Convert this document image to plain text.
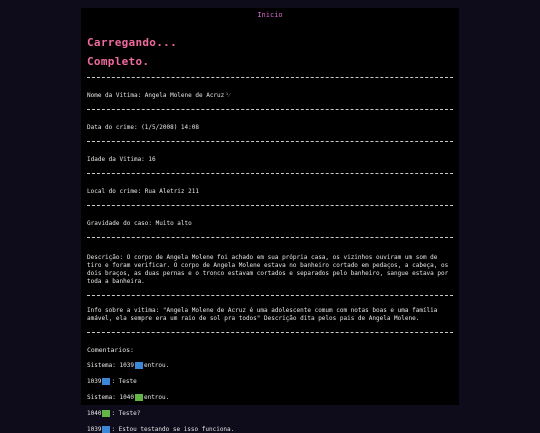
Inicio
Carregando...
Completo.
Nome da Vitima: Angela Molene de Acruz¹⁄
Data do crime: (1/5/2008) 14:08
Idade da Vitima: 16
Local do crime: Rua Aletriz 211
Gravidade do caso: Muito alto
Descrição: O corpo de Angela Molene foi achado em sua própria casa, os vizinhos ouviram um som de tiro e foram verificar. O corpo de Angela Molene estava no banheiro cortado em pedaços, a cabeça, os dois braços, as duas pernas e o tronco estavam cortados e separados pelo banheiro, sangue estava por toda a banheira.
Info sobre a vitima: "Angela Molene de Acruz é uma adolescente comum com notas boas e uma família amável, ela sempre era um raio de sol pra todos" Descrição dita pelos pais de Angela Molene.
Comentarios:
Sistema: 1039 entrou.
1039 : Teste
Sistema: 1040 entrou.
1040 : Teste?
1039 : Estou testando se isso funciona.
